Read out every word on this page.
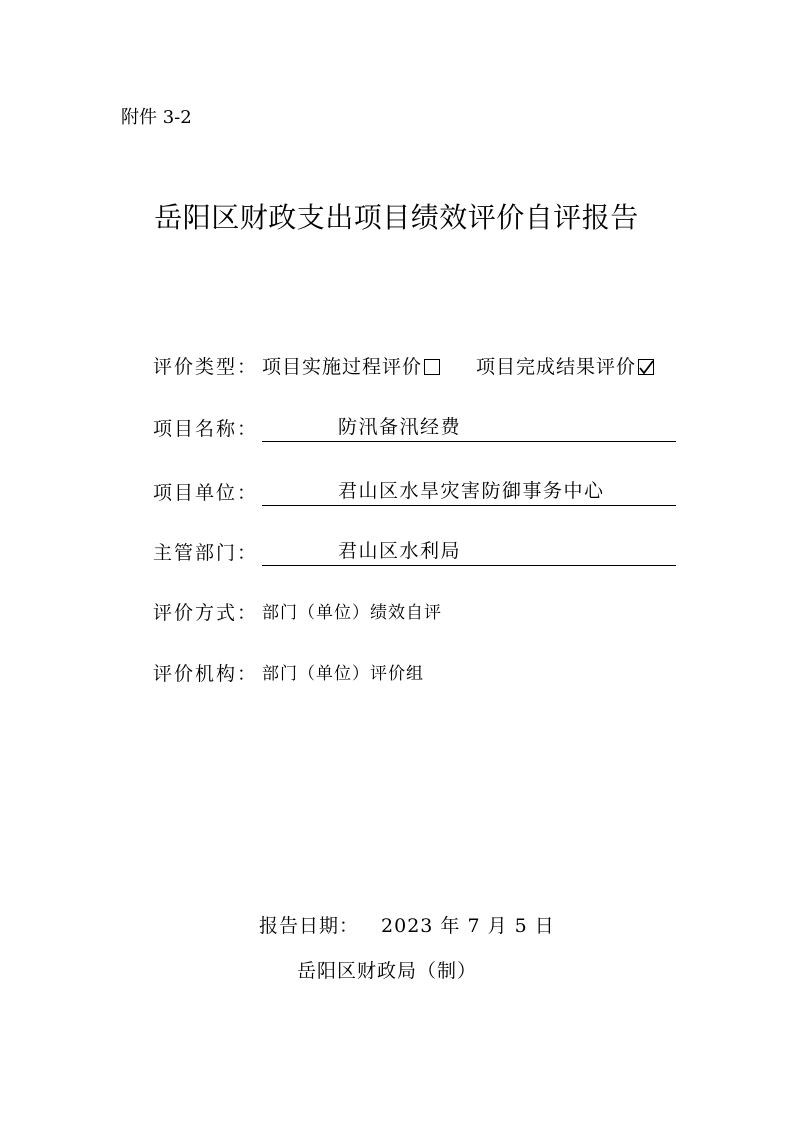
附件 3-2
岳阳区财政支出项目绩效评价自评报告
评价类型 ： 项目实施过程评价	项目完成结果评价
项目名称 ：	防汛备汛经费
项目单位 ：	君山区水旱灾害防御事务中心
主管部门 ：	君山区水利局
评价方式 ： 部门（单位）绩效自评
评价机构 ： 部门（单位）评价组
报告日期： 2023 年 7 月 5 日
岳阳区财政局（制）
